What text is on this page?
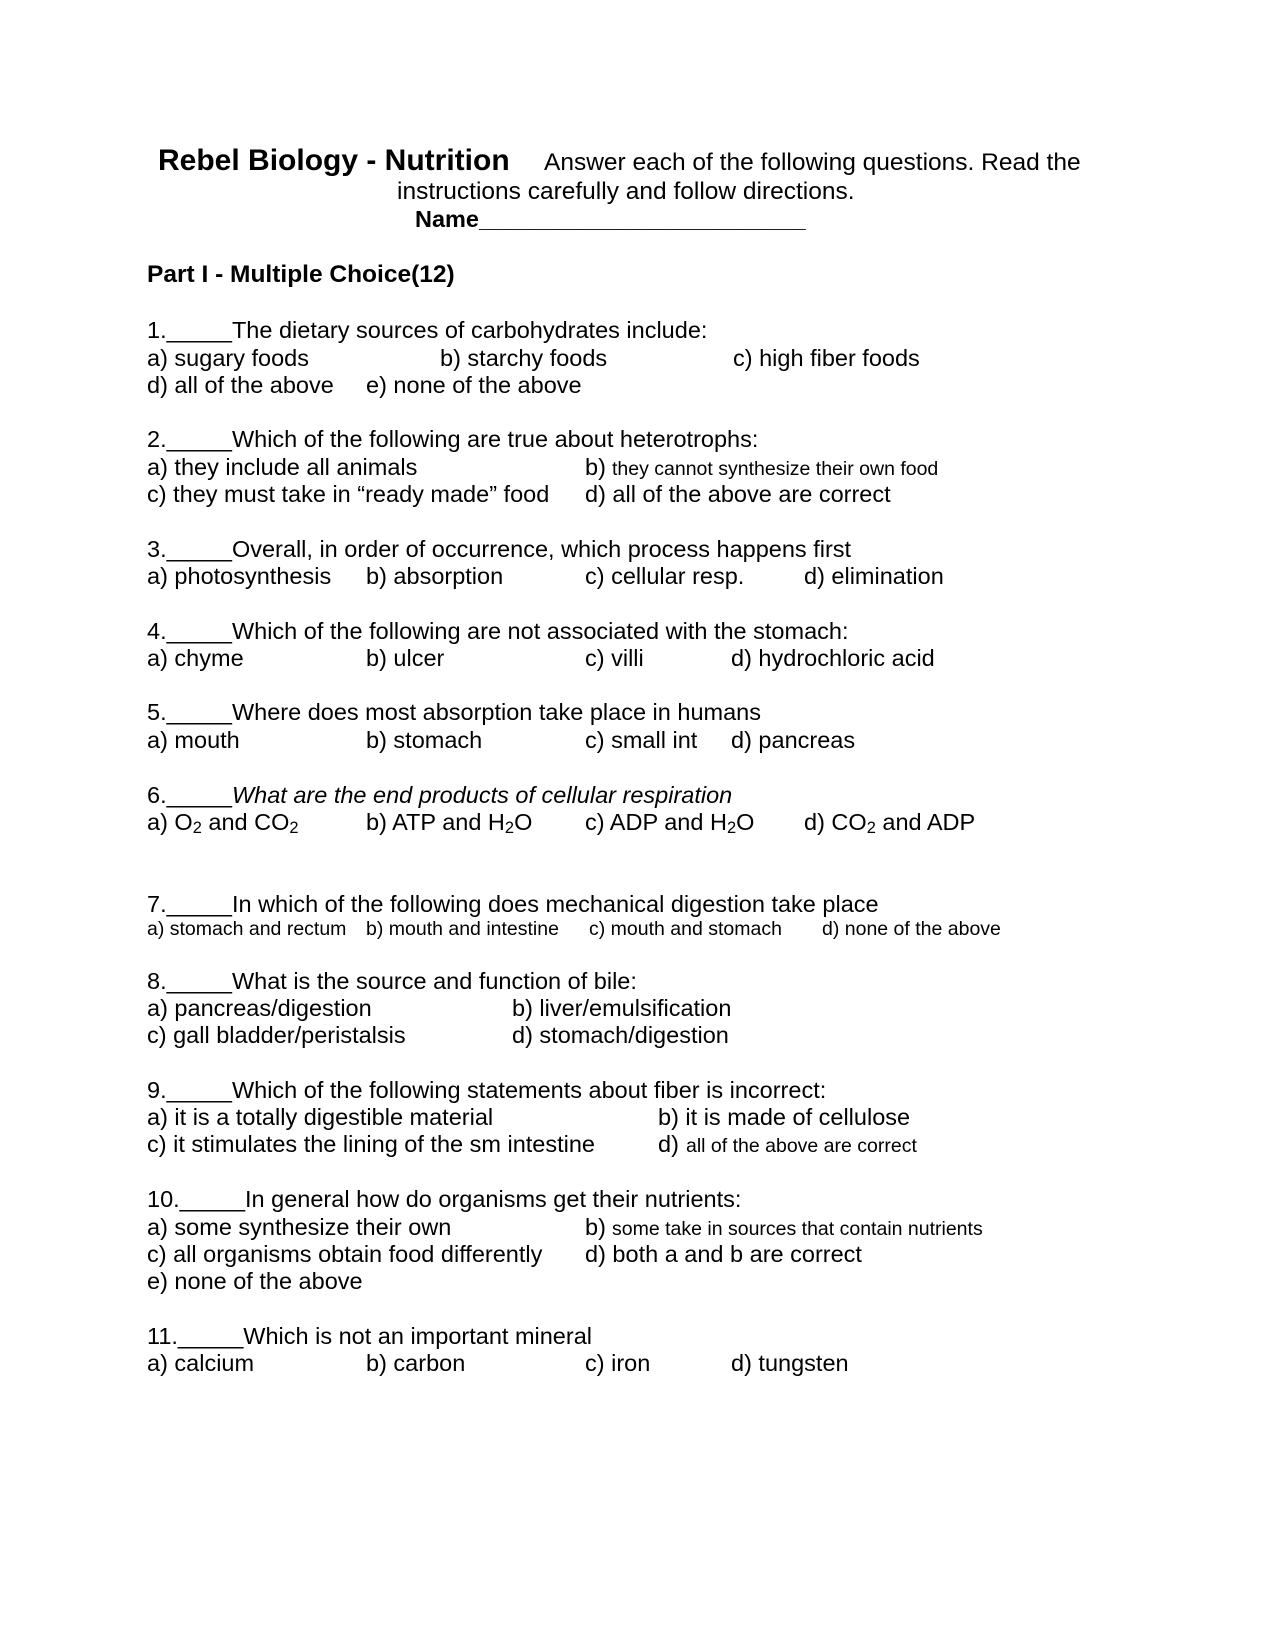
Rebel Biology - Nutrition Answer each of the following questions. Read the
instructions carefully and follow directions.
Name_________________________
Part I - Multiple Choice(12)
1._____The dietary sources of carbohydrates include:
a) sugary foods	b) starchy foods	c) high fiber foods
d) all of the above e) none of the above
2._____Which of the following are true about heterotrophs:
a) they include all animals	b) they cannot synthesize their own food
c) they must take in “ready made” food d) all of the above are correct
3._____Overall, in order of occurrence, which process happens first
a) photosynthesis b) absorption	c) cellular resp.	d) elimination
4._____Which of the following are not associated with the stomach:
a) chyme	b) ulcer	c) villi	d) hydrochloric acid
5._____Where does most absorption take place in humans
a) mouth	b) stomach	c) small int d) pancreas
6._____What are the end products of cellular respiration
a) $O_2$ and $CO_2$	b) ATP and $H_2O$ c) ADP and $H_2O$ d) $CO_2$ and ADP
7._____In which of the following does mechanical digestion take place
a) stomach and rectum b) mouth and intestine c) mouth and stomach d) none of the above
8._____What is the source and function of bile:
a) pancreas/digestion	b) liver/emulsification
c) gall bladder/peristalsis	d) stomach/digestion
9._____Which of the following statements about fiber is incorrect:
a) it is a totally digestible material	b) it is made of cellulose
c) it stimulates the lining of the sm intestine	d) all of the above are correct
10._____In general how do organisms get their nutrients:
a) some synthesize their own	b) some take in sources that contain nutrients
c) all organisms obtain food differently d) both a and b are correct
e) none of the above
11._____Which is not an important mineral
a) calcium	b) carbon	c) iron	d) tungsten
